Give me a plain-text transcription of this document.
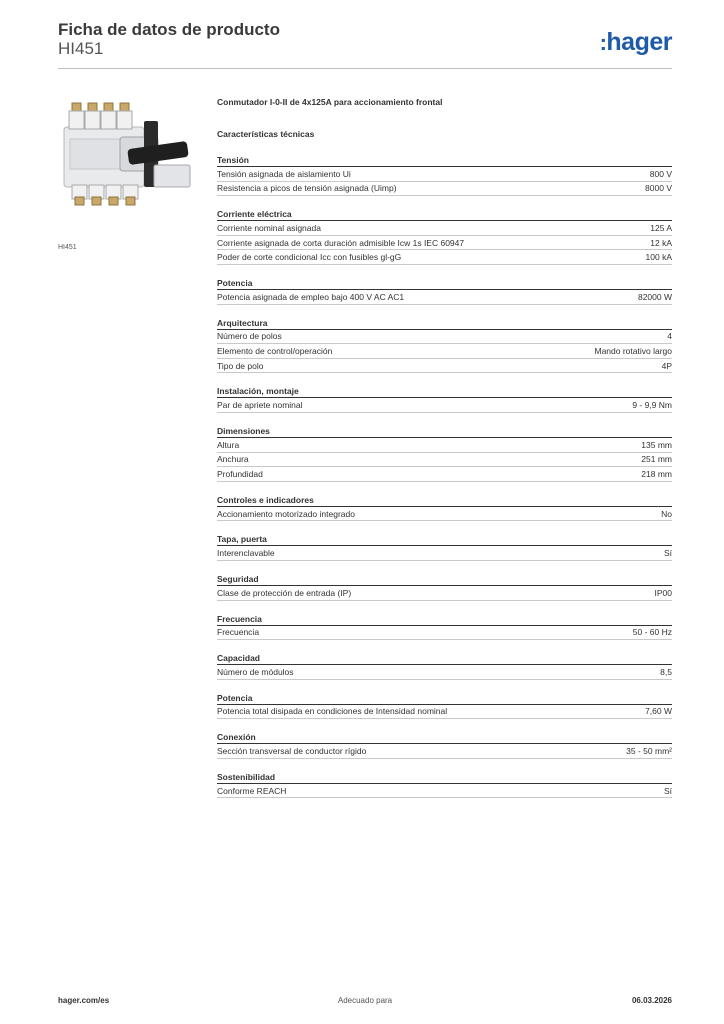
Ficha de datos de producto
HI451	:hager
HI451
Conmutador I-0-II de 4x125A para accionamiento frontal
Características técnicas
Tensión
Tensión asignada de aislamiento Ui	800 V
Resistencia a picos de tensión asignada (Uimp)	8000 V
Corriente eléctrica
Corriente nominal asignada	125 A
Corriente asignada de corta duración admisible Icw 1s IEC 60947	12 kA
Poder de corte condicional Icc con fusibles gl-gG	100 kA
Potencia
Potencia asignada de empleo bajo 400 V AC AC1	82000 W
Arquitectura
Número de polos	4
Elemento de control/operación	Mando rotativo largo
Tipo de polo	4P
Instalación, montaje
Par de apriete nominal	9 - 9,9 Nm
Dimensiones
Altura	135 mm
Anchura	251 mm
Profundidad	218 mm
Controles e indicadores
Accionamiento motorizado integrado	No
Tapa, puerta
Interenclavable	Sí
Seguridad
Clase de protección de entrada (IP)	IP00
Frecuencia
Frecuencia	50 - 60 Hz
Capacidad
Número de módulos	8,5
Potencia
Potencia total disipada en condiciones de Intensidad nominal	7,60 W
Conexión
Sección transversal de conductor rígido	35 - 50 mm²
Sostenibilidad
Conforme REACH	Sí
hager.com/es	Adecuado para	06.03.2026
